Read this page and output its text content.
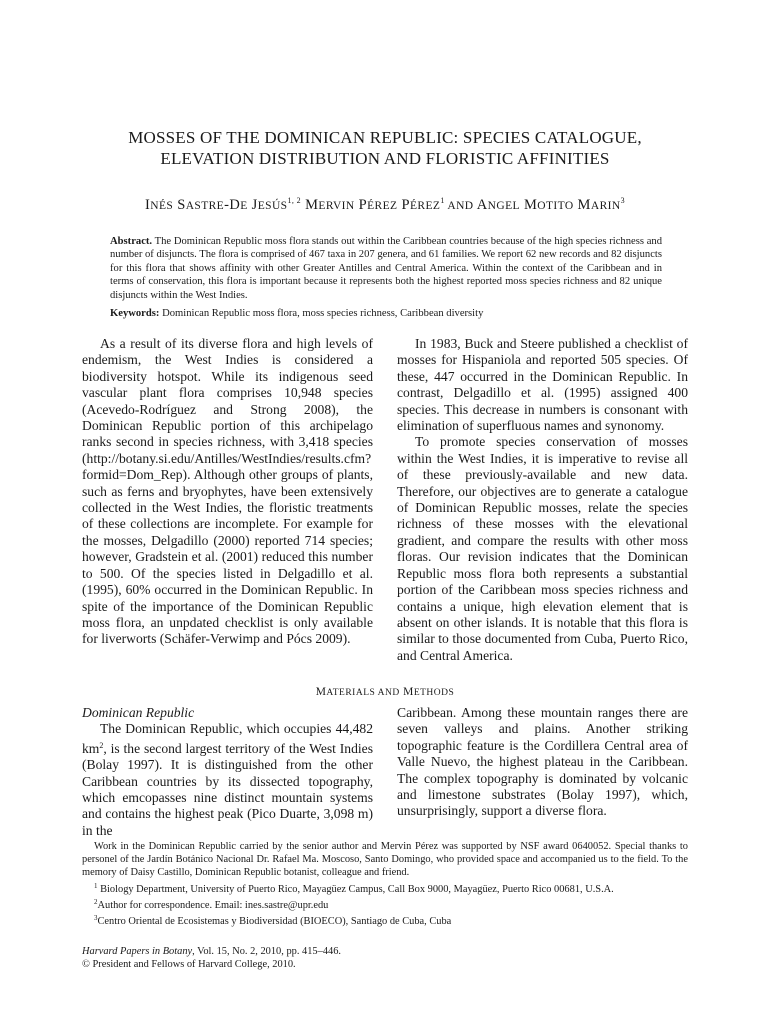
MOSSES OF THE DOMINICAN REPUBLIC: SPECIES CATALOGUE,
ELEVATION DISTRIBUTION AND FLORISTIC AFFINITIES
INÉS SASTRE-DE JESÚS$^{1, 2}$ MERVIN PÉREZ PÉREZ$^1$ AND ANGEL MOTITO MARIN$^3$

Abstract. The Dominican Republic moss flora stands out within the Caribbean countries because of the high species richness and number of disjuncts. The flora is comprised of 467 taxa in 207 genera, and 61 families. We report 62 new records and 82 disjuncts for this flora that shows affinity with other Greater Antilles and Central America. Within the context of the Caribbean and in terms of conservation, this flora is important because it represents both the highest reported moss species richness and 82 unique disjuncts within the West Indies.

Keywords: Dominican Republic moss flora, moss species richness, Caribbean diversity

As a result of its diverse flora and high levels of endemism, the West Indies is considered a biodiversity hotspot. While its indigenous seed vascular plant flora comprises 10,948 species (Acevedo-Rodríguez and Strong 2008), the Dominican Republic portion of this archipelago ranks second in species richness, with 3,418 species (http://botany.si.edu/Antilles/WestIndies/results.cfm?formid=Dom_Rep). Although other groups of plants, such as ferns and bryophytes, have been extensively collected in the West Indies, the floristic treatments of these collections are incomplete. For example for the mosses, Delgadillo (2000) reported 714 species; however, Gradstein et al. (2001) reduced this number to 500. Of the species listed in Delgadillo et al. (1995), 60% occurred in the Dominican Republic. In spite of the importance of the Dominican Republic moss flora, an unpdated checklist is only available for liverworts (Schäfer-Verwimp and Pócs 2009).

In 1983, Buck and Steere published a checklist of mosses for Hispaniola and reported 505 species. Of these, 447 occurred in the Dominican Republic. In contrast, Delgadillo et al. (1995) assigned 400 species. This decrease in numbers is consonant with elimination of superfluous names and synonomy.

To promote species conservation of mosses within the West Indies, it is imperative to revise all of these previously-available and new data. Therefore, our objectives are to generate a catalogue of Dominican Republic mosses, relate the species richness of these mosses with the elevational gradient, and compare the results with other moss floras. Our revision indicates that the Dominican Republic moss flora both represents a substantial portion of the Caribbean moss species richness and contains a unique, high elevation element that is absent on other islands. It is notable that this flora is similar to those documented from Cuba, Puerto Rico, and Central America.

MATERIALS AND METHODS

Dominican Republic

The Dominican Republic, which occupies 44,482 $km^2$, is the second largest territory of the West Indies (Bolay 1997). It is distinguished from the other Caribbean countries by its dissected topography, which emcopasses nine distinct mountain systems and contains the highest peak (Pico Duarte, 3,098 m) in the

Caribbean. Among these mountain ranges there are seven valleys and plains. Another striking topographic feature is the Cordillera Central area of Valle Nuevo, the highest plateau in the Caribbean. The complex topography is dominated by volcanic and limestone substrates (Bolay 1997), which, unsurprisingly, support a diverse flora.

Work in the Dominican Republic carried by the senior author and Mervin Pérez was supported by NSF award 0640052. Special thanks to personel of the Jardín Botánico Nacional Dr. Rafael Ma. Moscoso, Santo Domingo, who provided space and accompanied us to the field. To the memory of Daisy Castillo, Dominican Republic botanist, colleague and friend.

$^1$ Biology Department, University of Puerto Rico, Mayagüez Campus, Call Box 9000, Mayagüez, Puerto Rico 00681, U.S.A.

$^2$Author for correspondence. Email: ines.sastre@upr.edu

$^3$Centro Oriental de Ecosistemas y Biodiversidad (BIOECO), Santiago de Cuba, Cuba

Harvard Papers in Botany, Vol. 15, No. 2, 2010, pp. 415–446.

© President and Fellows of Harvard College, 2010.
